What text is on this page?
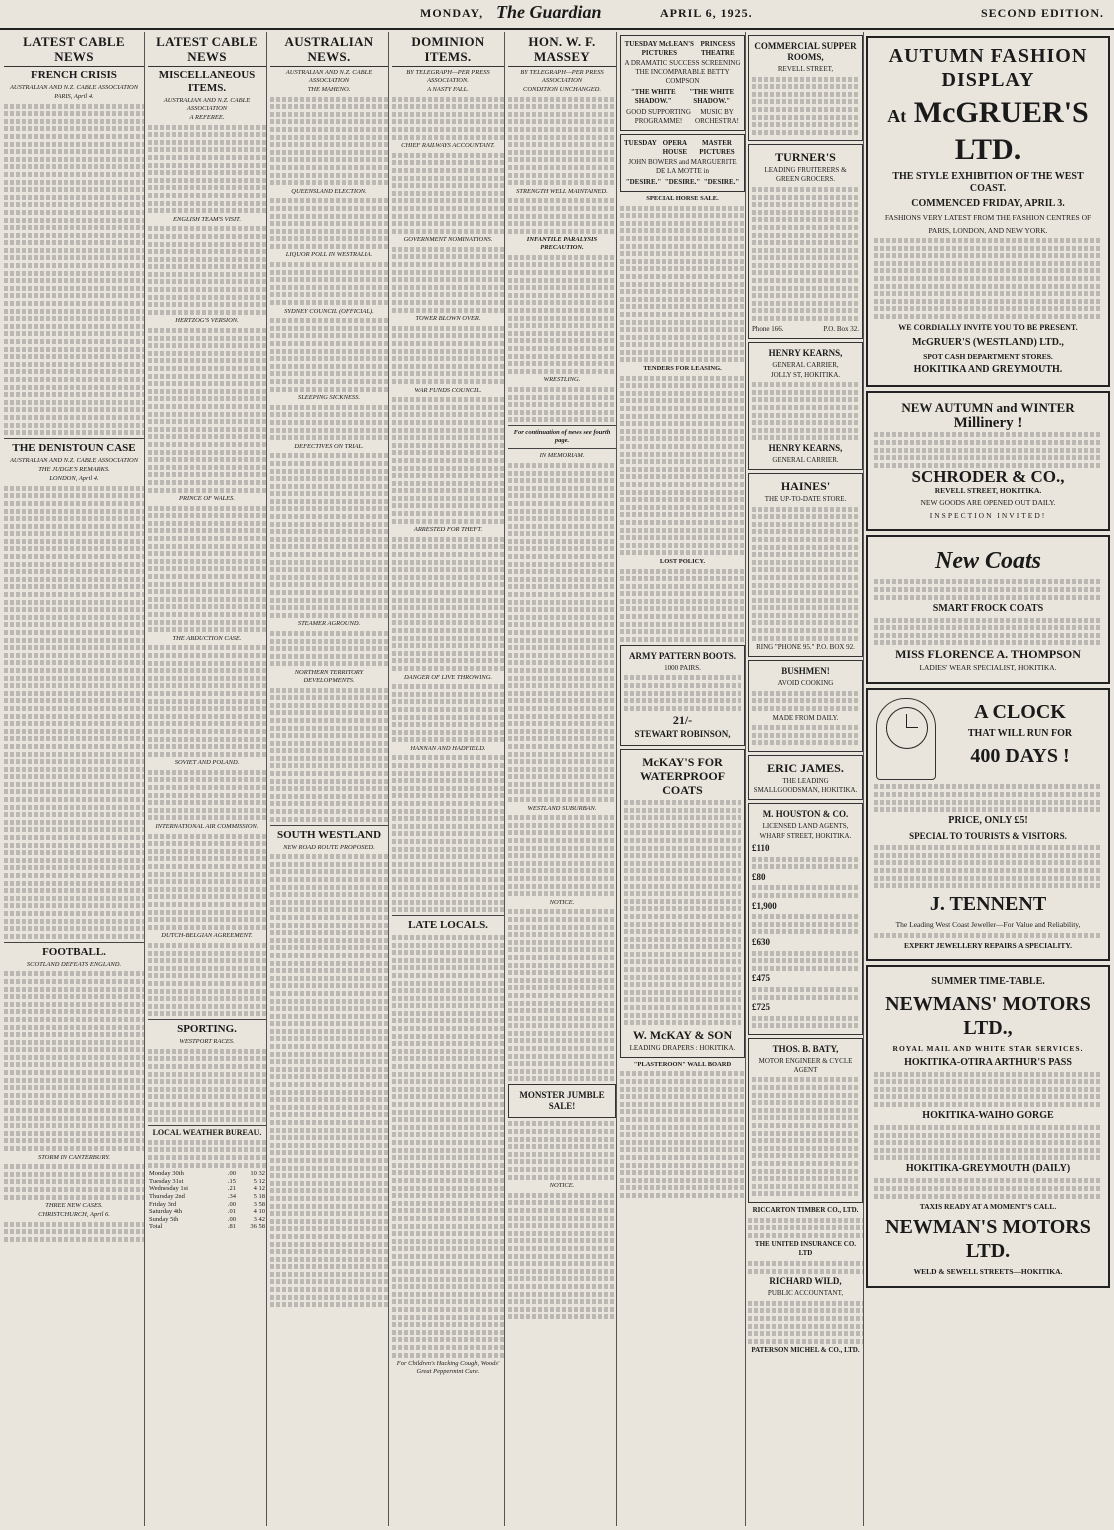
MONDAY, The Guardian	APRIL 6, 1925.	SECOND EDITION.
LATEST CABLE NEWS
FRENCH CRISIS
AUSTRALIAN AND N.Z. CABLE ASSOCIATION
PARIS, April 4.
THE DENISTOUN CASE
AUSTRALIAN AND N.Z. CABLE ASSOCIATION
THE JUDGE'S REMARKS.
LONDON, April 4.
FOOTBALL.
SCOTLAND DEFEATS ENGLAND.
STORM IN CANTERBURY.
THREE NEW CASES.
CHRISTCHURCH, April 6.
LATEST CABLE NEWS
MISCELLANEOUS ITEMS.
AUSTRALIAN AND N.Z. CABLE ASSOCIATION
A REFEREE.
ENGLISH TEAM'S VISIT.
HERTZOG'S VERSION.
PRINCE OF WALES.
THE ABDUCTION CASE.
SOVIET AND POLAND.
INTERNATIONAL AIR COMMISSION.
DUTCH-BELGIAN AGREEMENT.
SPORTING.
WESTPORT RACES.
LOCAL WEATHER BUREAU.
Monday 30th	.00	10 32
Tuesday 31st	.15	5 12
Wednesday 1st	.21	4 12
Thursday 2nd	.34	5 18
Friday 3rd	.00	3 58
Saturday 4th	.01	4 10
Sunday 5th	.00	3 42
Total	.81	36 58
AUSTRALIAN NEWS.
AUSTRALIAN AND N.Z. CABLE ASSOCIATION
THE MAHENO.
QUEENSLAND ELECTION.
LIQUOR POLL IN WESTRALIA.
SYDNEY COUNCIL (OFFICIAL).
SLEEPING SICKNESS.
DEFECTIVES ON TRIAL.
STEAMER AGROUND.
NORTHERN TERRITORY DEVELOPMENTS.
SOUTH WESTLAND
NEW ROAD ROUTE PROPOSED.
DOMINION ITEMS.
BY TELEGRAPH—PER PRESS ASSOCIATION.
A NASTY FALL.
CHIEF RAILWAYS ACCOUNTANT.
GOVERNMENT NOMINATIONS.
TOWER BLOWN OVER.
WAR FUNDS COUNCIL.
ARRESTED FOR THEFT.
DANGER OF LIVE THROWING.
HANNAN AND HADFIELD.
LATE LOCALS.
For Children's Hacking Cough, Woods' Great Peppermint Cure.
HON. W. F. MASSEY
BY TELEGRAPH—PER PRESS ASSOCIATION
CONDITION UNCHANGED.
STRENGTH WELL MAINTAINED.
INFANTILE PARALYSIS PRECAUTION.
WRESTLING.
For continuation of news see fourth page.
IN MEMORIAM.
WESTLAND SUBURBAN.
NOTICE.
MONSTER JUMBLE SALE!
NOTICE.
TUESDAY McLEAN'S PICTURES
PRINCESS THEATRE
A DRAMATIC SUCCESS SCREENING THE INCOMPARABLE BETTY COMPSON
"THE WHITE SHADOW."
"THE WHITE SHADOW."
GOOD SUPPORTING PROGRAMME!
MUSIC BY ORCHESTRA!
TUESDAY OPERA HOUSE
MASTER PICTURES
JOHN BOWERS and MARGUERITE DE LA MOTTE in
"DESIRE." "DESIRE." "DESIRE."
SPECIAL HORSE SALE.
TENDERS FOR LEASING.
LOST POLICY.
ARMY PATTERN BOOTS.
1000 PAIRS.
21/-
STEWART ROBINSON,
McKAY'S FOR WATERPROOF COATS
W. McKAY & SON
LEADING DRAPERS : HOKITIKA.
"PLASTEROON" WALL BOARD
COMMERCIAL SUPPER ROOMS,
REVELL STREET,
TURNER'S
LEADING FRUITERERS & GREEN GROCERS.
Phone 166.	P.O. Box 32.
HENRY KEARNS,
GENERAL CARRIER,
JOLLY ST, HOKITIKA.
HENRY KEARNS,
GENERAL CARRIER.
HAINES'
THE UP-TO-DATE STORE.
RING "PHONE 95." P.O. BOX 92.
BUSHMEN!
AVOID COOKING
MADE FROM DAILY.
ERIC JAMES.
THE LEADING SMALLGOODSMAN, HOKITIKA.
M. HOUSTON & CO.
LICENSED LAND AGENTS,
WHARF STREET, HOKITIKA.
£110
£80
£1,900
£630
£475
£725
THOS. B. BATY,
MOTOR ENGINEER & CYCLE AGENT
RICCARTON TIMBER CO., LTD.
THE UNITED INSURANCE CO. LTD
RICHARD WILD,
PUBLIC ACCOUNTANT,
PATERSON MICHEL & CO., LTD.
AUTUMN FASHION DISPLAY
At McGRUER'S LTD.
THE STYLE EXHIBITION OF THE WEST COAST.
COMMENCED FRIDAY, APRIL 3.
FASHIONS VERY LATEST FROM THE FASHION CENTRES OF
PARIS, LONDON, AND NEW YORK.
WE CORDIALLY INVITE YOU TO BE PRESENT.
McGRUER'S (WESTLAND) LTD.,
SPOT CASH DEPARTMENT STORES.
HOKITIKA AND GREYMOUTH.
NEW AUTUMN and WINTER
Millinery !
SCHRODER & CO.,
REVELL STREET, HOKITIKA.
NEW GOODS ARE OPENED OUT DAILY.
INSPECTION INVITED!
New Coats
SMART FROCK COATS
MISS FLORENCE A. THOMPSON
LADIES' WEAR SPECIALIST, HOKITIKA.
A CLOCK
THAT WILL RUN FOR
400 DAYS !
PRICE, ONLY £5!
SPECIAL TO TOURISTS & VISITORS.
J. TENNENT
The Leading West Coast Jeweller—For Value and Reliability,
EXPERT JEWELLERY REPAIRS A SPECIALITY.
SUMMER TIME-TABLE.
NEWMANS' MOTORS LTD.,
ROYAL MAIL AND WHITE STAR SERVICES.
HOKITIKA-OTIRA ARTHUR'S PASS
HOKITIKA-WAIHO GORGE
HOKITIKA-GREYMOUTH (DAILY)
TAXIS READY AT A MOMENT'S CALL.
NEWMAN'S MOTORS LTD.
WELD & SEWELL STREETS—HOKITIKA.
